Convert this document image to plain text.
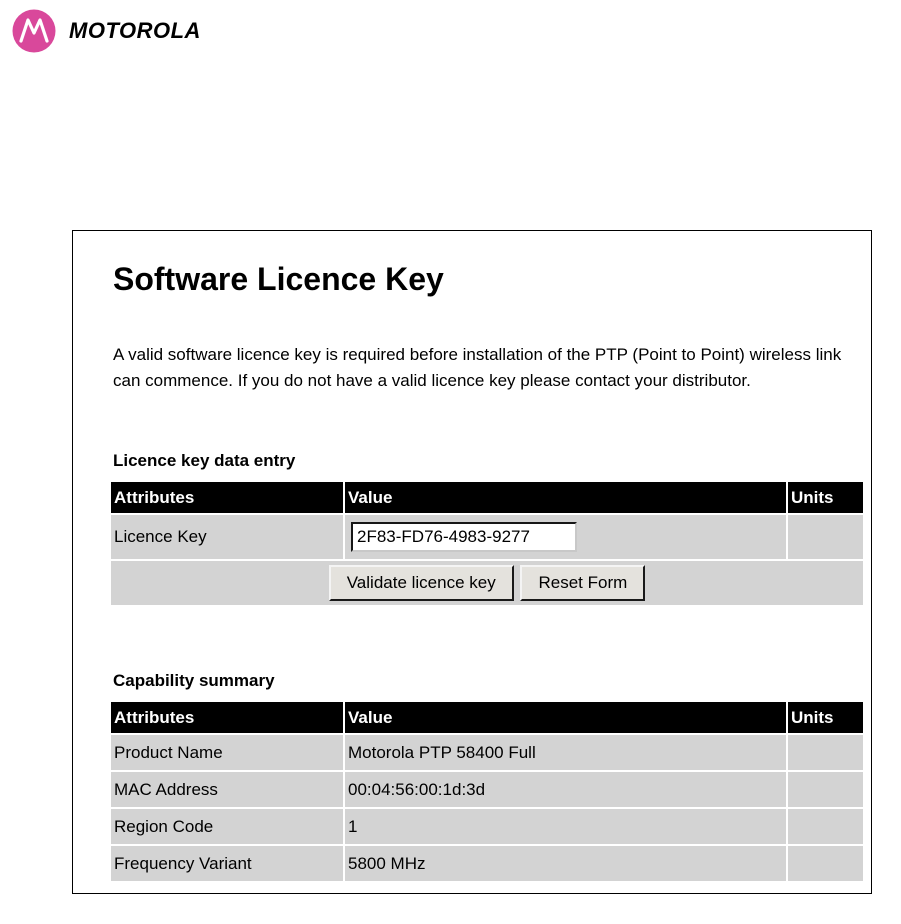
MOTOROLA
Software Licence Key

A valid software licence key is required before installation of the PTP (Point to Point) wireless link can commence. If you do not have a valid licence key please contact your distributor.

Licence key data entry
Attributes	Value	Units
Licence Key	2F83-FD76-4983-9277	
Validate licence key Reset Form		
Capability summary
Attributes	Value	Units
Product Name	Motorola PTP 58400 Full	
MAC Address	00:04:56:00:1d:3d	
Region Code	1	
Frequency Variant	5800 MHz	
